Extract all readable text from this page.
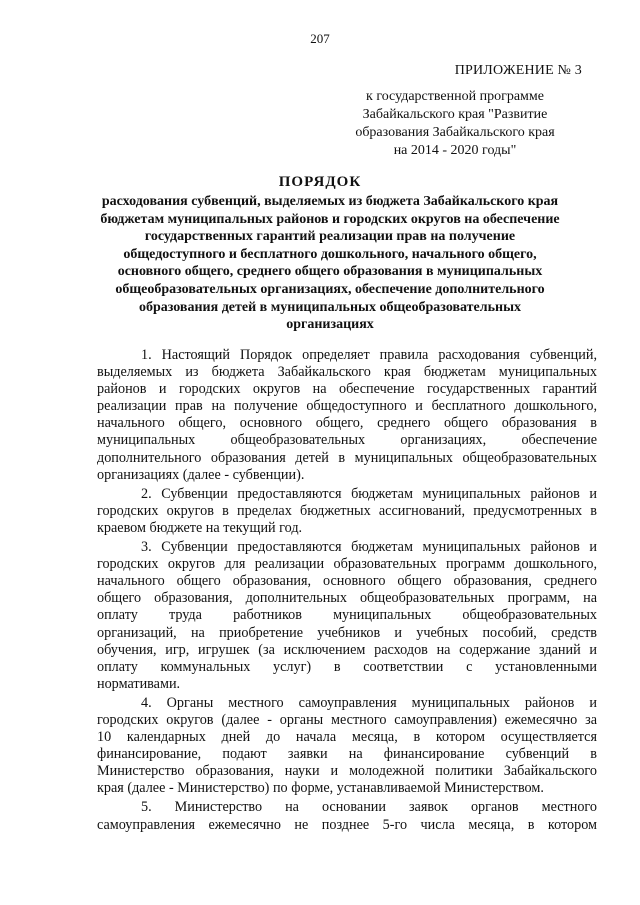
207
ПРИЛОЖЕНИЕ № 3
к государственной программе
Забайкальского края "Развитие
образования Забайкальского края
на 2014 - 2020 годы"
ПОРЯДОК
расходования субвенций, выделяемых из бюджета Забайкальского края
бюджетам муниципальных районов и городских округов на обеспечение
государственных гарантий реализации прав на получение
общедоступного и бесплатного дошкольного, начального общего,
основного общего, среднего общего образования в муниципальных
общеобразовательных организациях, обеспечение дополнительного
образования детей в муниципальных общеобразовательных
организациях
1. Настоящий Порядок определяет правила расходования субвенций,
выделяемых из бюджета Забайкальского края бюджетам муниципальных
районов и городских округов на обеспечение государственных гарантий
реализации прав на получение общедоступного и бесплатного дошкольного,
начального общего, основного общего, среднего общего образования в
муниципальных общеобразовательных организациях, обеспечение
дополнительного образования детей в муниципальных общеобразовательных
организациях (далее - субвенции).
2. Субвенции предоставляются бюджетам муниципальных районов и
городских округов в пределах бюджетных ассигнований, предусмотренных в
краевом бюджете на текущий год.
3. Субвенции предоставляются бюджетам муниципальных районов и
городских округов для реализации образовательных программ дошкольного,
начального общего образования, основного общего образования, среднего
общего образования, дополнительных общеобразовательных программ, на
оплату труда работников муниципальных общеобразовательных
организаций, на приобретение учебников и учебных пособий, средств
обучения, игр, игрушек (за исключением расходов на содержание зданий и
оплату коммунальных услуг) в соответствии с установленными
нормативами.
4. Органы местного самоуправления муниципальных районов и
городских округов (далее - органы местного самоуправления) ежемесячно за
10 календарных дней до начала месяца, в котором осуществляется
финансирование, подают заявки на финансирование субвенций в
Министерство образования, науки и молодежной политики Забайкальского
края (далее - Министерство) по форме, устанавливаемой Министерством.
5. Министерство на основании заявок органов местного
самоуправления ежемесячно не позднее 5-го числа месяца, в котором
